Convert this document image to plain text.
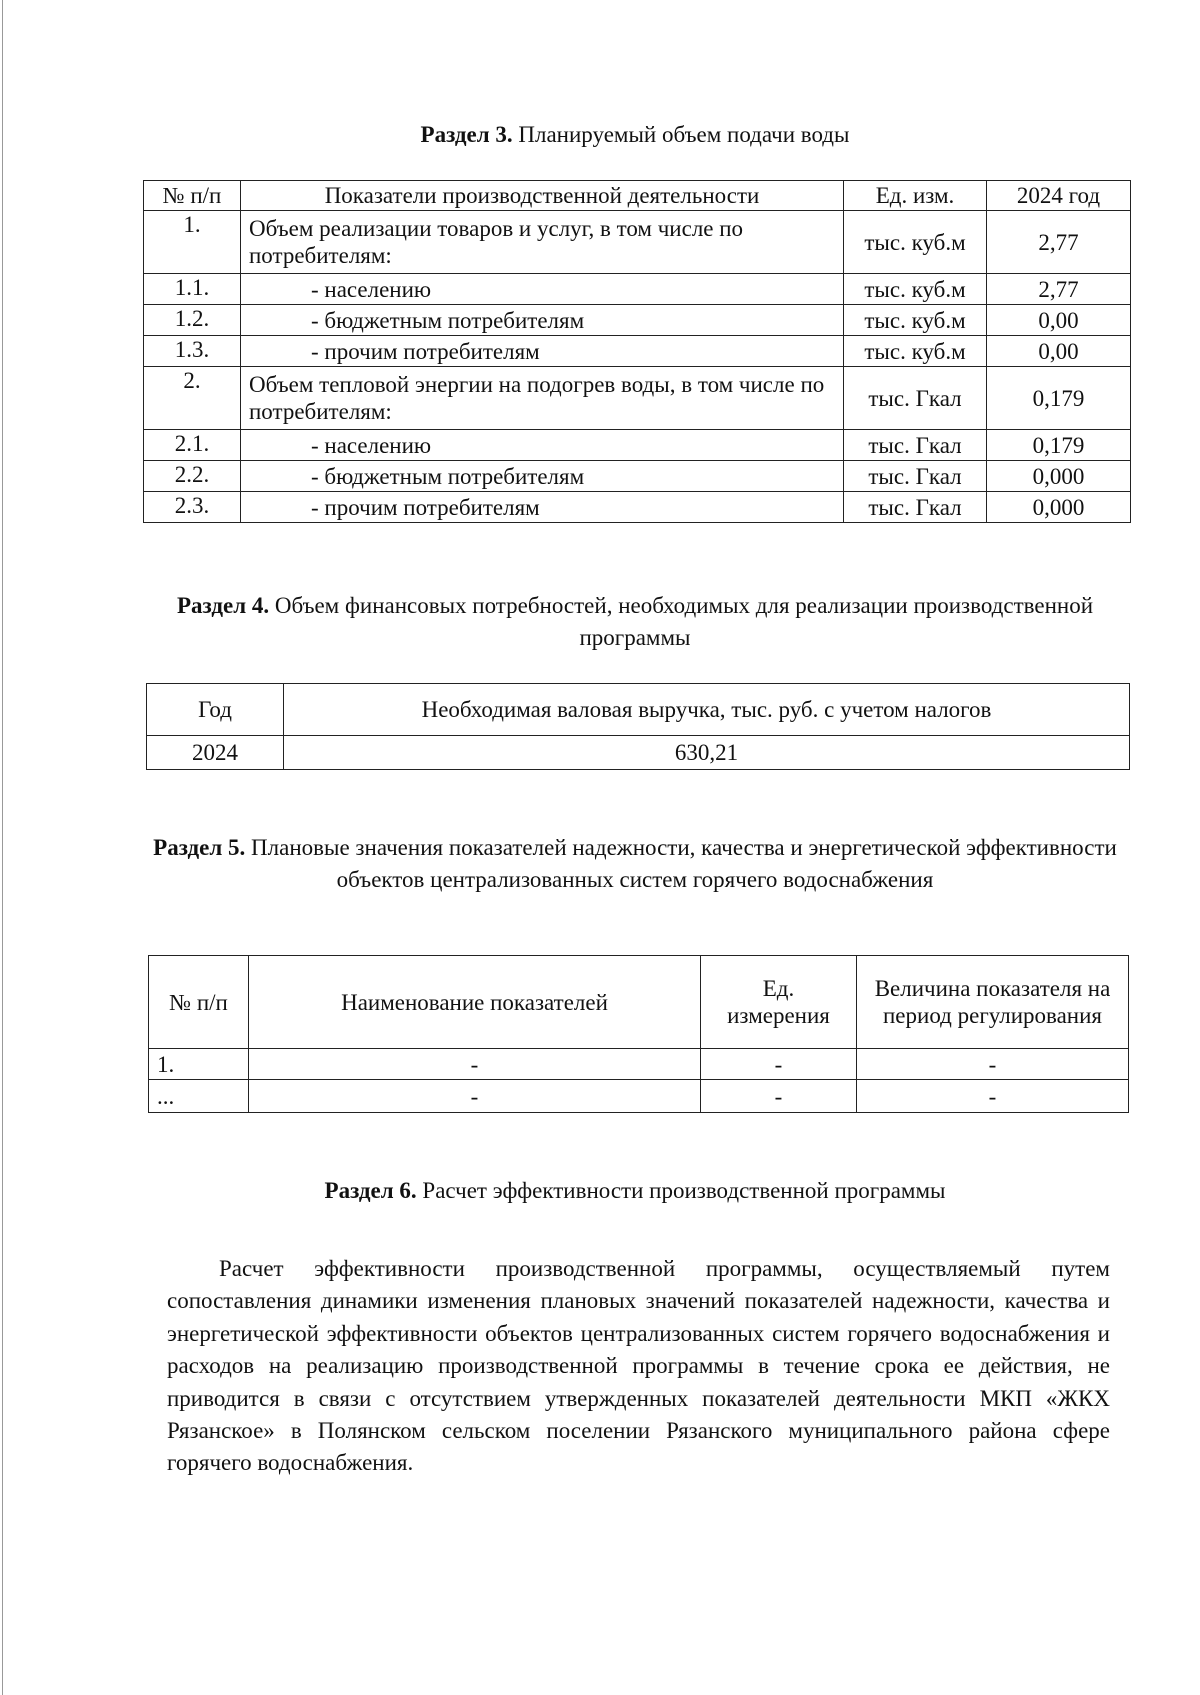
Раздел 3. Планируемый объем подачи воды
№ п/п	Показатели производственной деятельности	Ед. изм.	2024 год
1.	Объем реализации товаров и услуг, в том числе по потребителям:	тыс. куб.м	2,77
1.1.	- населению	тыс. куб.м	2,77
1.2.	- бюджетным потребителям	тыс. куб.м	0,00
1.3.	- прочим потребителям	тыс. куб.м	0,00
2.	Объем тепловой энергии на подогрев воды, в том числе по потребителям:	тыс. Гкал	0,179
2.1.	- населению	тыс. Гкал	0,179
2.2.	- бюджетным потребителям	тыс. Гкал	0,000
2.3.	- прочим потребителям	тыс. Гкал	0,000
Раздел 4. Объем финансовых потребностей, необходимых для реализации производственной программы
Год	Необходимая валовая выручка, тыс. руб. с учетом налогов
2024	630,21
Раздел 5. Плановые значения показателей надежности, качества и энергетической эффективности объектов централизованных систем горячего водоснабжения
№ п/п	Наименование показателей	Ед. измерения	Величина показателя на период регулирования
1.	-	-	-
...	-	-	-
Раздел 6. Расчет эффективности производственной программы
Расчет эффективности производственной программы, осуществляемый путем сопоставления динамики изменения плановых значений показателей надежности, качества и энергетической эффективности объектов централизованных систем горячего водоснабжения и расходов на реализацию производственной программы в течение срока ее действия, не приводится в связи с отсутствием утвержденных показателей деятельности МКП «ЖКХ Рязанское» в Полянском сельском поселении Рязанского муниципального района сфере горячего водоснабжения.
